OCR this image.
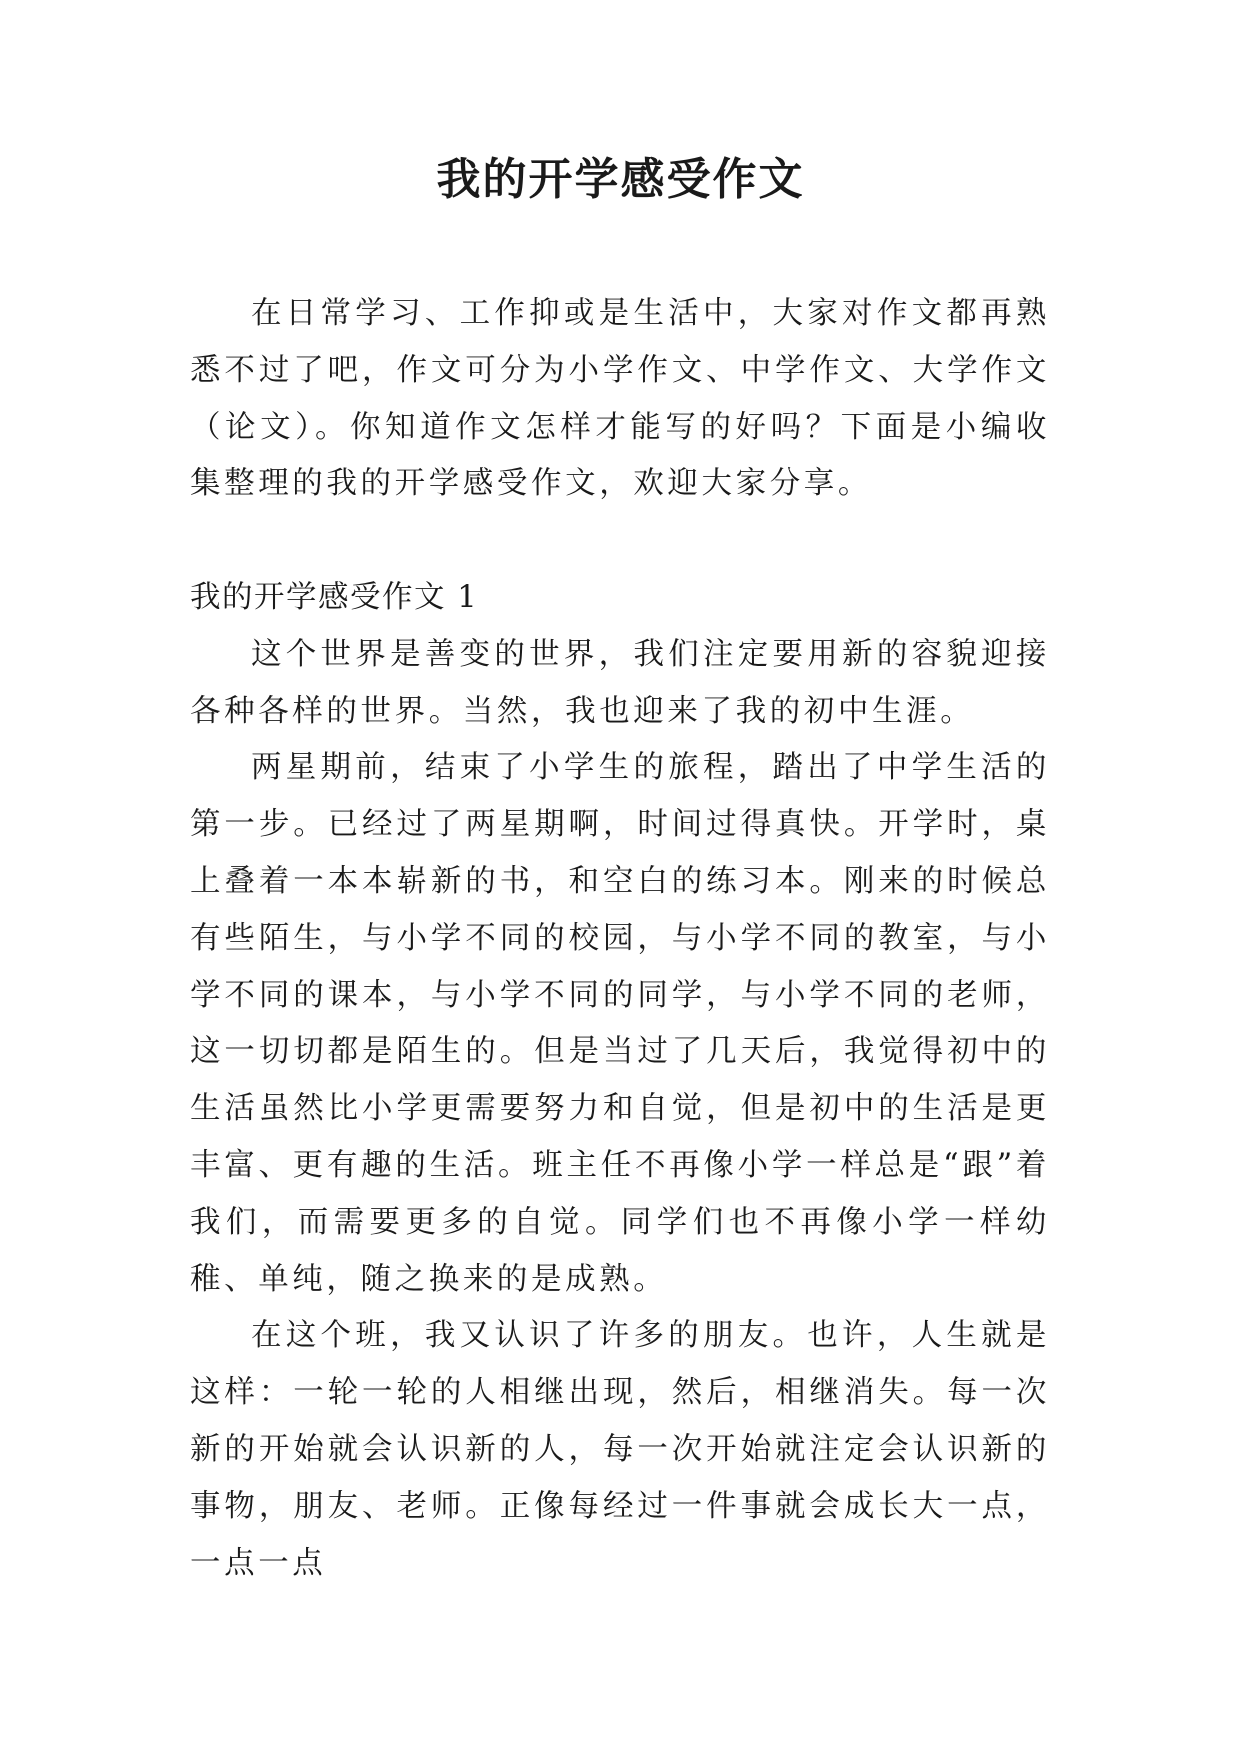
我的开学感受作文

在日常学习、工作抑或是生活中，大家对作文都再熟悉不过了吧，作文可分为小学作文、中学作文、大学作文（论文）。你知道作文怎样才能写的好吗？下面是小编收集整理的我的开学感受作文，欢迎大家分享。

我的开学感受作文 1

这个世界是善变的世界，我们注定要用新的容貌迎接各种各样的世界。当然，我也迎来了我的初中生涯。

两星期前，结束了小学生的旅程，踏出了中学生活的第一步。已经过了两星期啊，时间过得真快。开学时，桌上叠着一本本崭新的书，和空白的练习本。刚来的时候总有些陌生，与小学不同的校园，与小学不同的教室，与小学不同的课本，与小学不同的同学，与小学不同的老师，这一切切都是陌生的。但是当过了几天后，我觉得初中的生活虽然比小学更需要努力和自觉，但是初中的生活是更丰富、更有趣的生活。班主任不再像小学一样总是“跟”着我们，而需要更多的自觉。同学们也不再像小学一样幼稚、单纯，随之换来的是成熟。

在这个班，我又认识了许多的朋友。也许，人生就是这样：一轮一轮的人相继出现，然后，相继消失。每一次新的开始就会认识新的人，每一次开始就注定会认识新的事物，朋友、老师。正像每经过一件事就会成长大一点，一点一点
